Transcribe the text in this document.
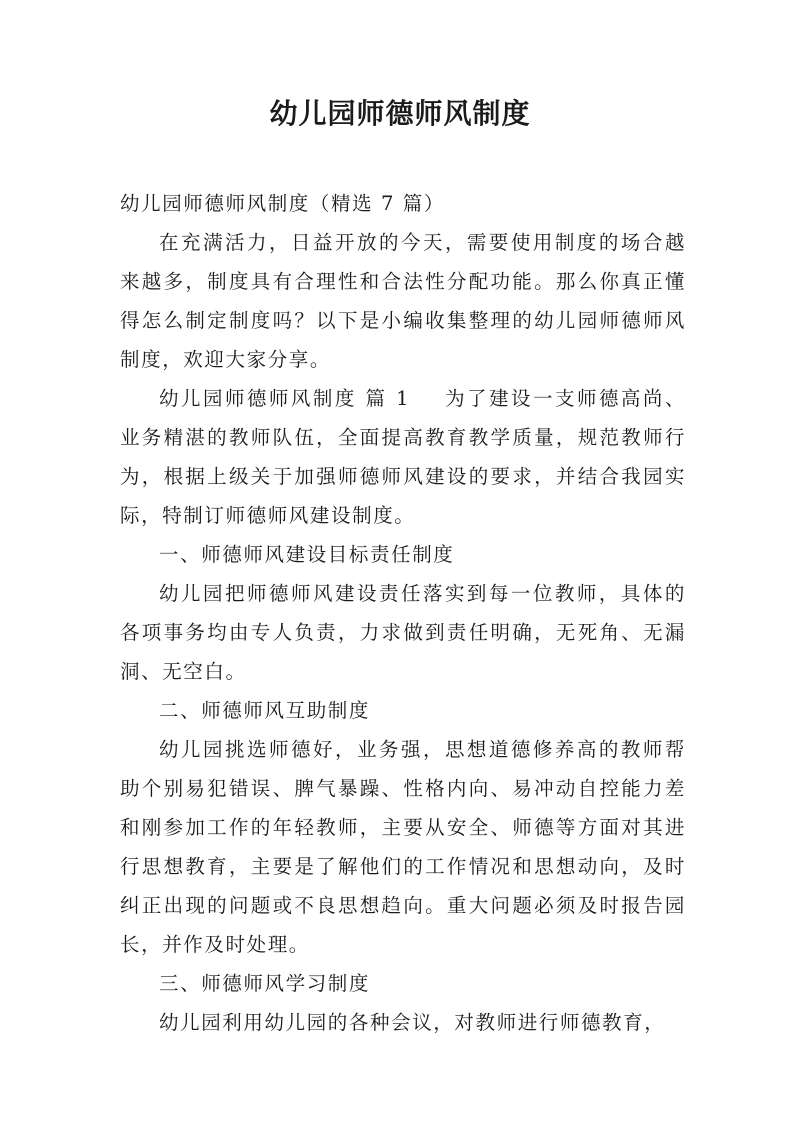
幼儿园师德师风制度

幼儿园师德师风制度（精选 7 篇）

在充满活力，日益开放的今天，需要使用制度的场合越来越多，制度具有合理性和合法性分配功能。那么你真正懂得怎么制定制度吗？以下是小编收集整理的幼儿园师德师风制度，欢迎大家分享。

幼儿园师德师风制度 篇 1 为了建设一支师德高尚、业务精湛的教师队伍，全面提高教育教学质量，规范教师行为，根据上级关于加强师德师风建设的要求，并结合我园实际，特制订师德师风建设制度。

一、师德师风建设目标责任制度

幼儿园把师德师风建设责任落实到每一位教师，具体的各项事务均由专人负责，力求做到责任明确，无死角、无漏洞、无空白。

二、师德师风互助制度

幼儿园挑选师德好，业务强，思想道德修养高的教师帮助个别易犯错误、脾气暴躁、性格内向、易冲动自控能力差和刚参加工作的年轻教师，主要从安全、师德等方面对其进行思想教育，主要是了解他们的工作情况和思想动向，及时纠正出现的问题或不良思想趋向。重大问题必须及时报告园长，并作及时处理。

三、师德师风学习制度

幼儿园利用幼儿园的各种会议，对教师进行师德教育，
